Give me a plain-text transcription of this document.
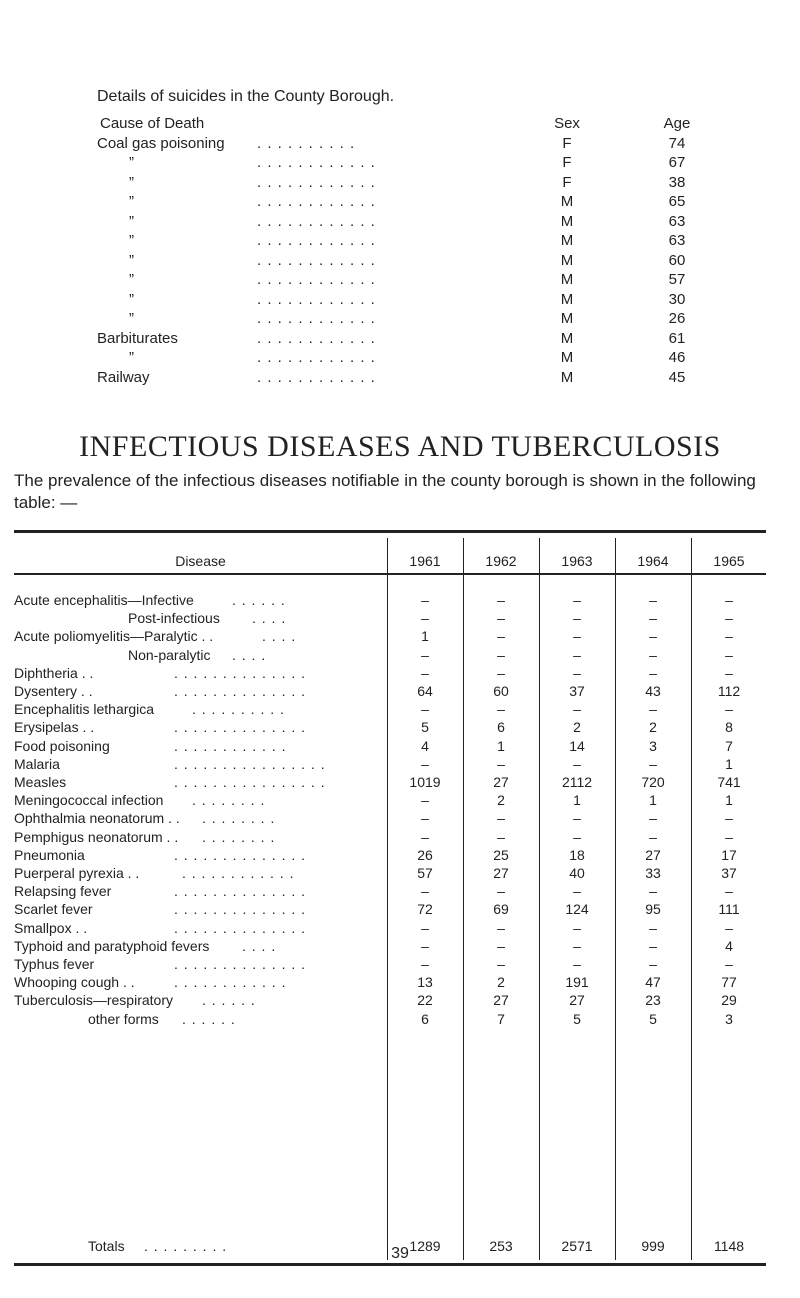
Details of suicides in the County Borough.
Cause of Death	Sex	Age
Coal gas poisoning . . . . . . . . . .	F	74
”	. . . . . . . . . . . .	F	67
”	. . . . . . . . . . . .	F	38
”	. . . . . . . . . . . .	M	65
”	. . . . . . . . . . . .	M	63
”	. . . . . . . . . . . .	M	63
”	. . . . . . . . . . . .	M	60
”	. . . . . . . . . . . .	M	57
”	. . . . . . . . . . . .	M	30
”	. . . . . . . . . . . .	M	26
Barbiturates	. . . . . . . . . . . .	M	61
”	. . . . . . . . . . . .	M	46
Railway	. . . . . . . . . . . .	M	45
INFECTIOUS DISEASES AND TUBERCULOSIS
The prevalence of the infectious diseases notifiable in the county borough is shown in the following table: —
Disease	1961	1962	1963	1964	1965
Acute encephalitis—Infective	. . . . . .	–	–	–	–	–
Post-infectious . . . .	–	–	–	–	–
Acute poliomyelitis—Paralytic . .	. . . .	1	–	–	–	–
Non-paralytic . . . .	–	–	–	–	–
Diphtheria . .	. . . . . . . . . . . . . .	–	–	–	–	–
Dysentery . .	. . . . . . . . . . . . . .	64	60	37	43	112
Encephalitis lethargica	. . . . . . . . . .	–	–	–	–	–
Erysipelas . .	. . . . . . . . . . . . . .	5	6	2	2	8
Food poisoning	. . . . . . . . . . . .	4	1	14	3	7
Malaria	. . . . . . . . . . . . . . . .	–	–	–	–	1
Measles	. . . . . . . . . . . . . . . .	1019	27	2112	720	741
Meningococcal infection . . . . . . . .	–	2	1	1	1
Ophthalmia neonatorum . . . . . . . . . .	–	–	–	–	–
Pemphigus neonatorum . . . . . . . . . .	–	–	–	–	–
Pneumonia	. . . . . . . . . . . . . .	26	25	18	27	17
Puerperal pyrexia . .	. . . . . . . . . . . .	57	27	40	33	37
Relapsing fever	. . . . . . . . . . . . . .	–	–	–	–	–
Scarlet fever	. . . . . . . . . . . . . .	72	69	124	95	111
Smallpox . .	. . . . . . . . . . . . . .	–	–	–	–	–
Typhoid and paratyphoid fevers . . . .	–	–	–	–	4
Typhus fever	. . . . . . . . . . . . . .	–	–	–	–	–
Whooping cough . .	. . . . . . . . . . . .	13	2	191	47	77
Tuberculosis—respiratory . . . . . .	22	27	27	23	29
other forms . . . . . .	6	7	5	5	3
Totals . . . . . . . . .	1289	253	2571	999	1148
39
